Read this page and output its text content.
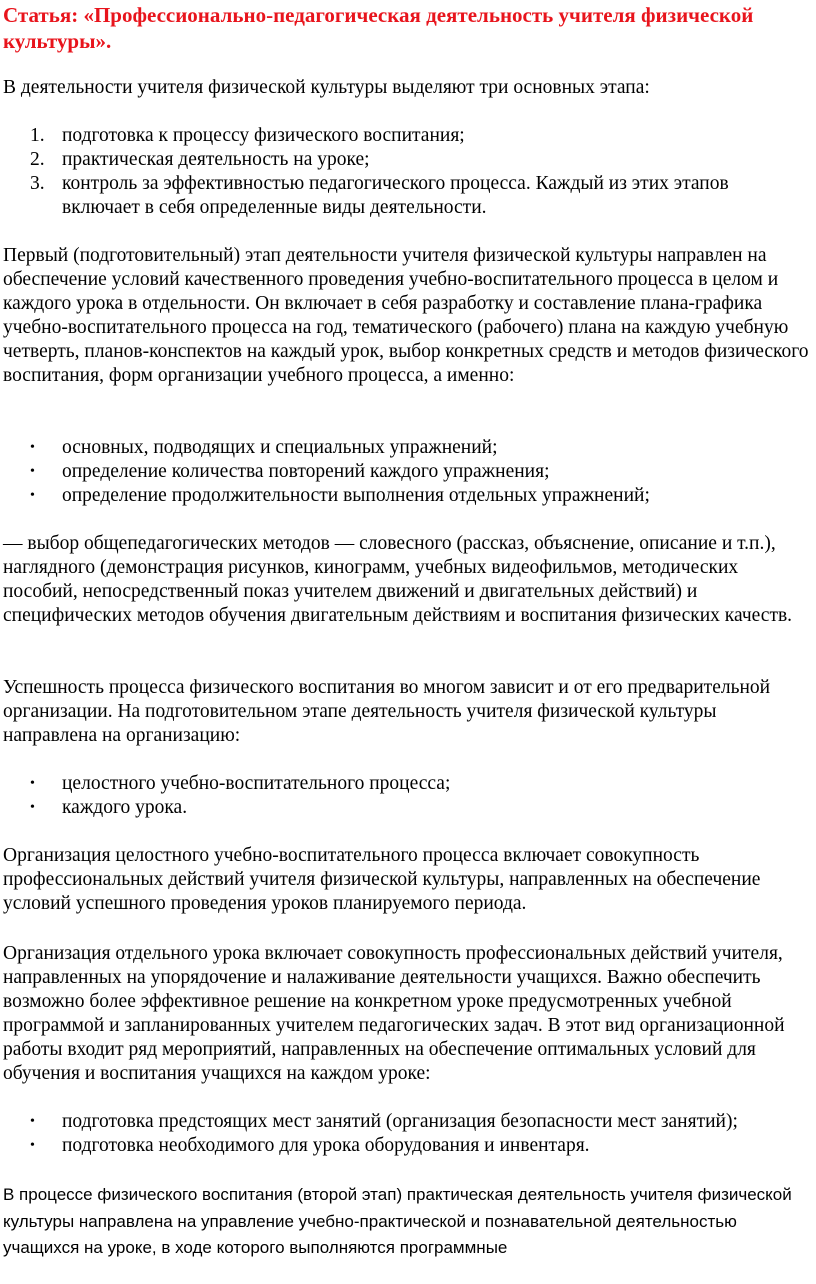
Статья: «Профессионально-педагогическая деятельность учителя физической культуры».

В деятельности учителя физической культуры выделяют три основных этапа:

1. подготовка к процессу физического воспитания;
2. практическая деятельность на уроке;
3. контроль за эффективностью педагогического процесса. Каждый из этих этапов включает в себя определенные виды деятельности.

Первый (подготовительный) этап деятельности учителя физической культуры направлен на обеспечение условий качественного проведения учебно-воспитательного процесса в целом и каждого урока в отдельности. Он включает в себя разработку и составление плана-графика учебно-воспитательного процесса на год, тематического (рабочего) плана на каждую учебную четверть, планов-конспектов на каждый урок, выбор конкретных средств и методов физического воспитания, форм организации учебного процесса, а именно:

• основных, подводящих и специальных упражнений;
• определение количества повторений каждого упражнения;
• определение продолжительности выполнения отдельных упражнений;

— выбор общепедагогических методов — словесного (рассказ, объяснение, описание и т.п.), наглядного (демонстрация рисунков, кинограмм, учебных видеофильмов, методических пособий, непосредственный показ учителем движений и двигательных действий) и специфических методов обучения двигательным действиям и воспитания физических качеств.

Успешность процесса физического воспитания во многом зависит и от его предварительной организации. На подготовительном этапе деятельность учителя физической культуры направлена на организацию:

• целостного учебно-воспитательного процесса;
• каждого урока.

Организация целостного учебно-воспитательного процесса включает совокупность профессиональных действий учителя физической культуры, направленных на обеспечение условий успешного проведения уроков планируемого периода.

Организация отдельного урока включает совокупность профессиональных действий учителя, направленных на упорядочение и налаживание деятельности учащихся. Важно обеспечить возможно более эффективное решение на конкретном уроке предусмотренных учебной программой и запланированных учителем педагогических задач. В этот вид организационной работы входит ряд мероприятий, направленных на обеспечение оптимальных условий для обучения и воспитания учащихся на каждом уроке:

• подготовка предстоящих мест занятий (организация безопасности мест занятий);
• подготовка необходимого для урока оборудования и инвентаря.

В процессе физического воспитания (второй этап) практическая деятельность учителя физической культуры направлена на управление учебно-практической и познавательной деятельностью учащихся на уроке, в ходе которого выполняются программные
